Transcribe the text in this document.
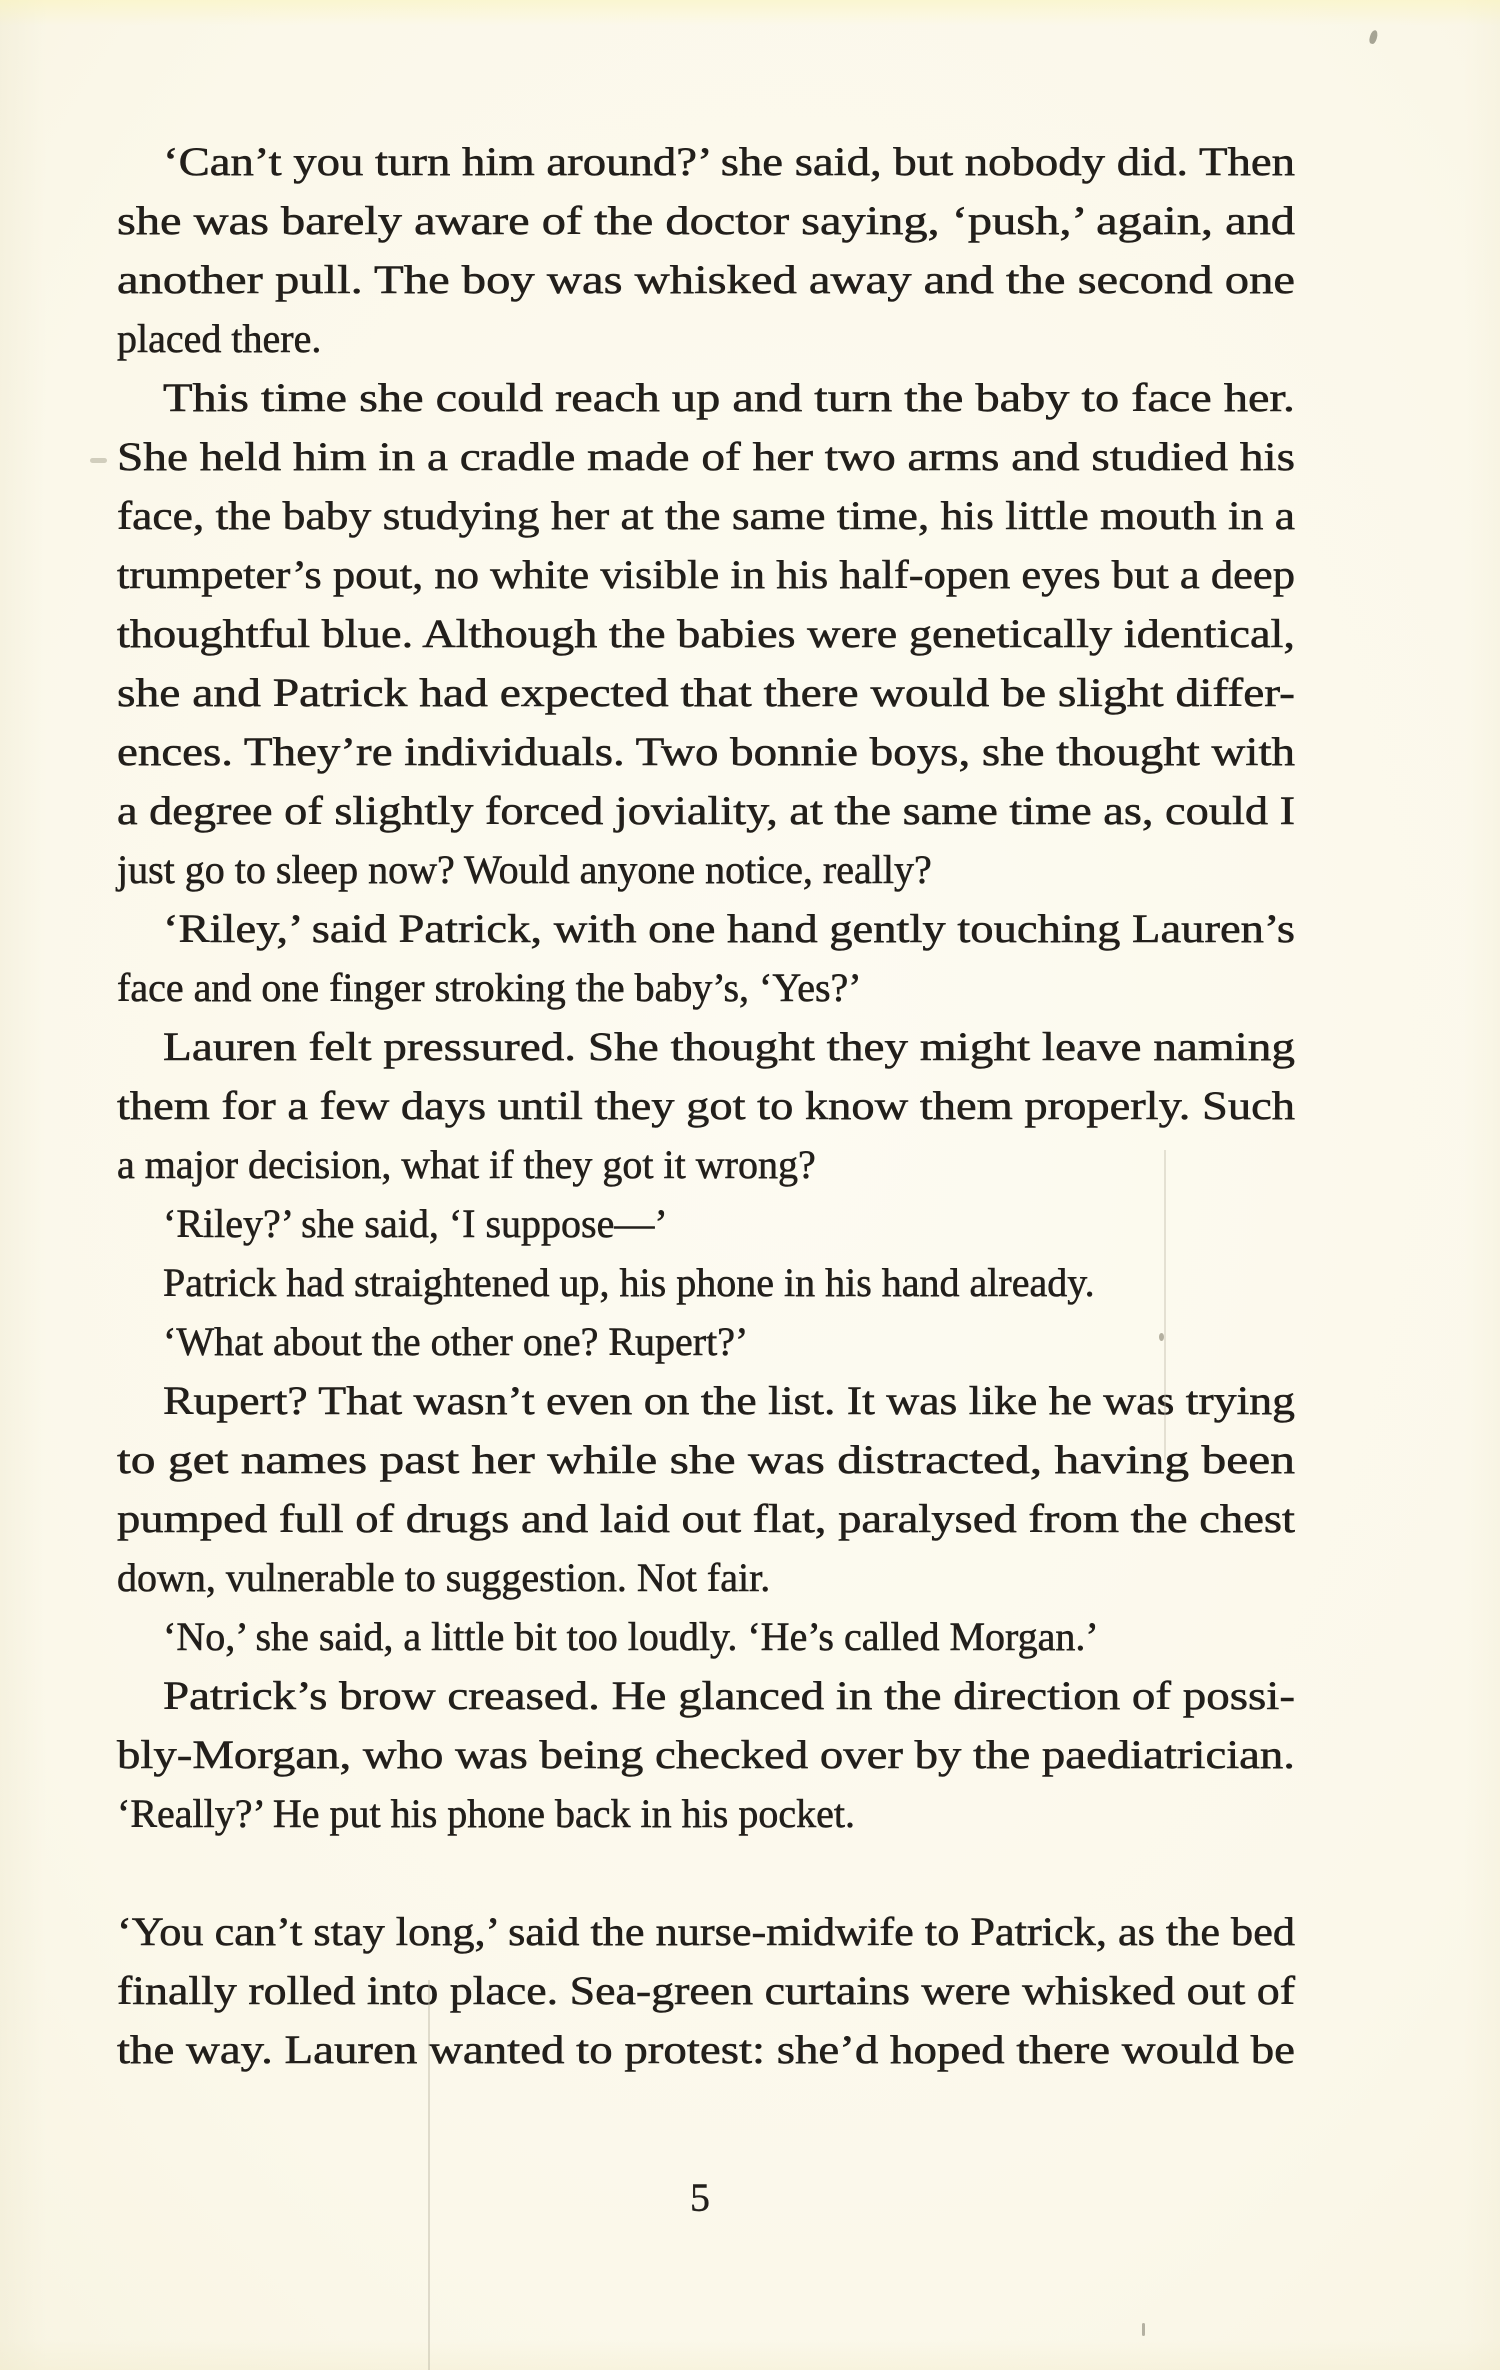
5
‘Can’t you turn him around?’ she said, but nobody did. Then
she was barely aware of the doctor saying, ‘push,’ again, and
another pull. The boy was whisked away and the second one
placed there.
This time she could reach up and turn the baby to face her.
She held him in a cradle made of her two arms and studied his
face, the baby studying her at the same time, his little mouth in a
trumpeter’s pout, no white visible in his half-open eyes but a deep
thoughtful blue. Although the babies were genetically identical,
she and Patrick had expected that there would be slight differ-
ences. They’re individuals. Two bonnie boys, she thought with
a degree of slightly forced joviality, at the same time as, could I
just go to sleep now? Would anyone notice, really?
‘Riley,’ said Patrick, with one hand gently touching Lauren’s
face and one finger stroking the baby’s, ‘Yes?’
Lauren felt pressured. She thought they might leave naming
them for a few days until they got to know them properly. Such
a major decision, what if they got it wrong?
‘Riley?’ she said, ‘I suppose—’
Patrick had straightened up, his phone in his hand already.
‘What about the other one? Rupert?’
Rupert? That wasn’t even on the list. It was like he was trying
to get names past her while she was distracted, having been
pumped full of drugs and laid out flat, paralysed from the chest
down, vulnerable to suggestion. Not fair.
‘No,’ she said, a little bit too loudly. ‘He’s called Morgan.’
Patrick’s brow creased. He glanced in the direction of possi-
bly-Morgan, who was being checked over by the paediatrician.
‘Really?’ He put his phone back in his pocket.
‘You can’t stay long,’ said the nurse-midwife to Patrick, as the bed
finally rolled into place. Sea-green curtains were whisked out of
the way. Lauren wanted to protest: she’d hoped there would be
